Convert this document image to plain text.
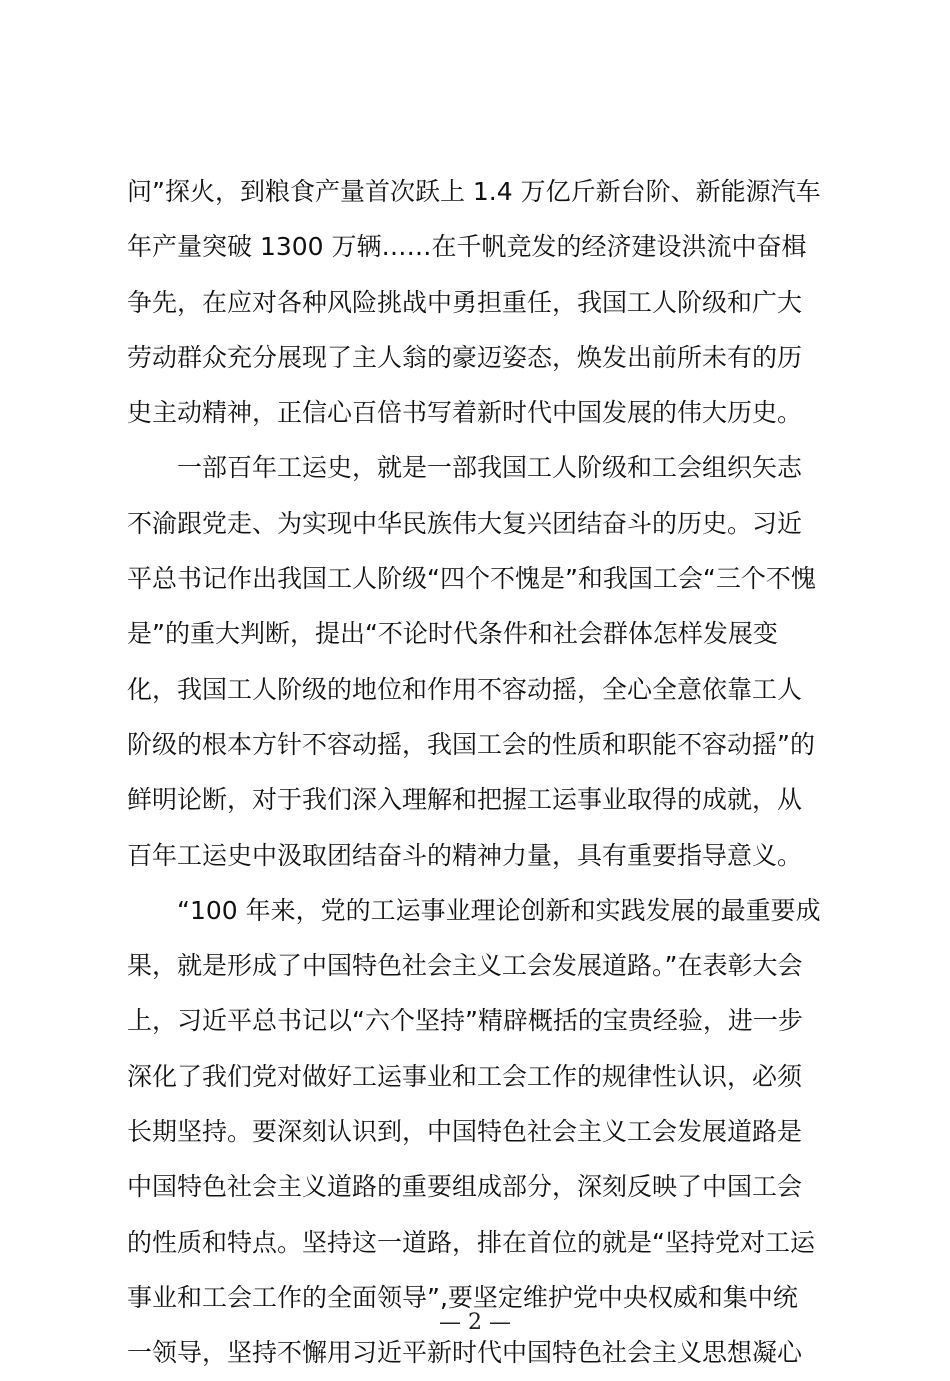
问”探火，到粮食产量首次跃上 1.4 万亿斤新台阶、新能源汽车
年产量突破 1300 万辆……在千帆竞发的经济建设洪流中奋楫
争先，在应对各种风险挑战中勇担重任，我国工人阶级和广大
劳动群众充分展现了主人翁的豪迈姿态，焕发出前所未有的历
史主动精神，正信心百倍书写着新时代中国发展的伟大历史。
　　一部百年工运史，就是一部我国工人阶级和工会组织矢志
不渝跟党走、为实现中华民族伟大复兴团结奋斗的历史。习近
平总书记作出我国工人阶级“四个不愧是”和我国工会“三个不愧
是”的重大判断，提出“不论时代条件和社会群体怎样发展变
化，我国工人阶级的地位和作用不容动摇，全心全意依靠工人
阶级的根本方针不容动摇，我国工会的性质和职能不容动摇”的
鲜明论断，对于我们深入理解和把握工运事业取得的成就，从
百年工运史中汲取团结奋斗的精神力量，具有重要指导意义。
　　“100 年来，党的工运事业理论创新和实践发展的最重要成
果，就是形成了中国特色社会主义工会发展道路。”在表彰大会
上，习近平总书记以“六个坚持”精辟概括的宝贵经验，进一步
深化了我们党对做好工运事业和工会工作的规律性认识，必须
长期坚持。要深刻认识到，中国特色社会主义工会发展道路是
中国特色社会主义道路的重要组成部分，深刻反映了中国工会
的性质和特点。坚持这一道路，排在首位的就是“坚持党对工运
事业和工会工作的全面领导”,要坚定维护党中央权威和集中统
一领导，坚持不懈用习近平新时代中国特色社会主义思想凝心
— 2 —
